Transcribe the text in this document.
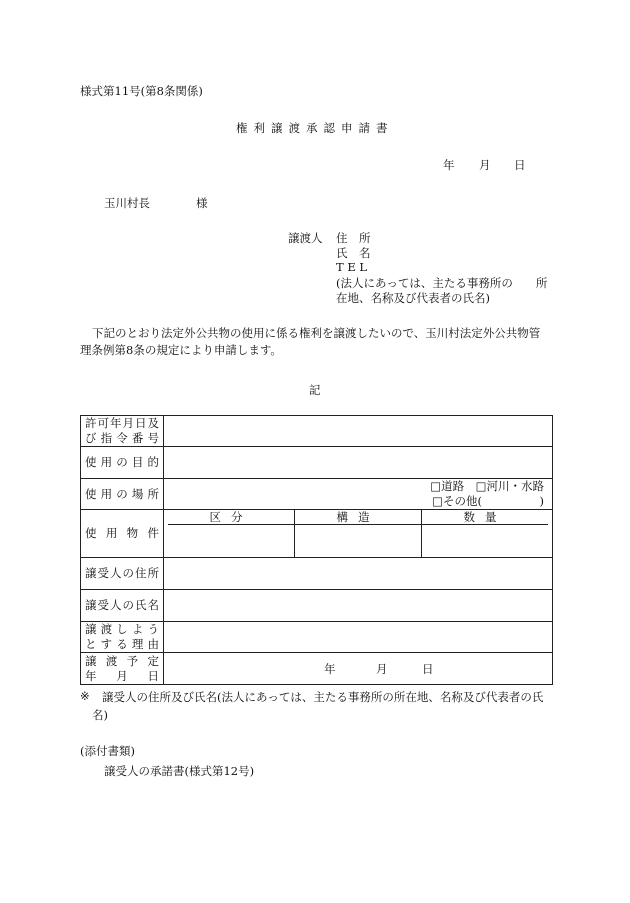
様式第11号(第8条関係)
権利譲渡承認申請書
年 月 日
玉川村長	様
譲渡人 住　所
氏　名
T E L
(法人にあっては、主たる事務所の　　所
在地、名称及び代表者の氏名)
下記のとおり法定外公共物の使用に係る権利を譲渡したいので、玉川村法定外公共物管
理条例第8条の規定により申請します。
記
許可年月日及
び指令番号	

使用の目的	

使用の場所	□道路　□河川・水路
□その他(　　　　　)

使用物件	区分 構造 数量

譲受人の住所	

譲受人の氏名	

譲渡しよう
とする理由	

譲渡予定
年月日	年 月 日
※ 譲受人の住所及び氏名(法人にあっては、主たる事務所の所在地、名称及び代表者の氏
名)
(添付書類)
譲受人の承諾書(様式第12号)
